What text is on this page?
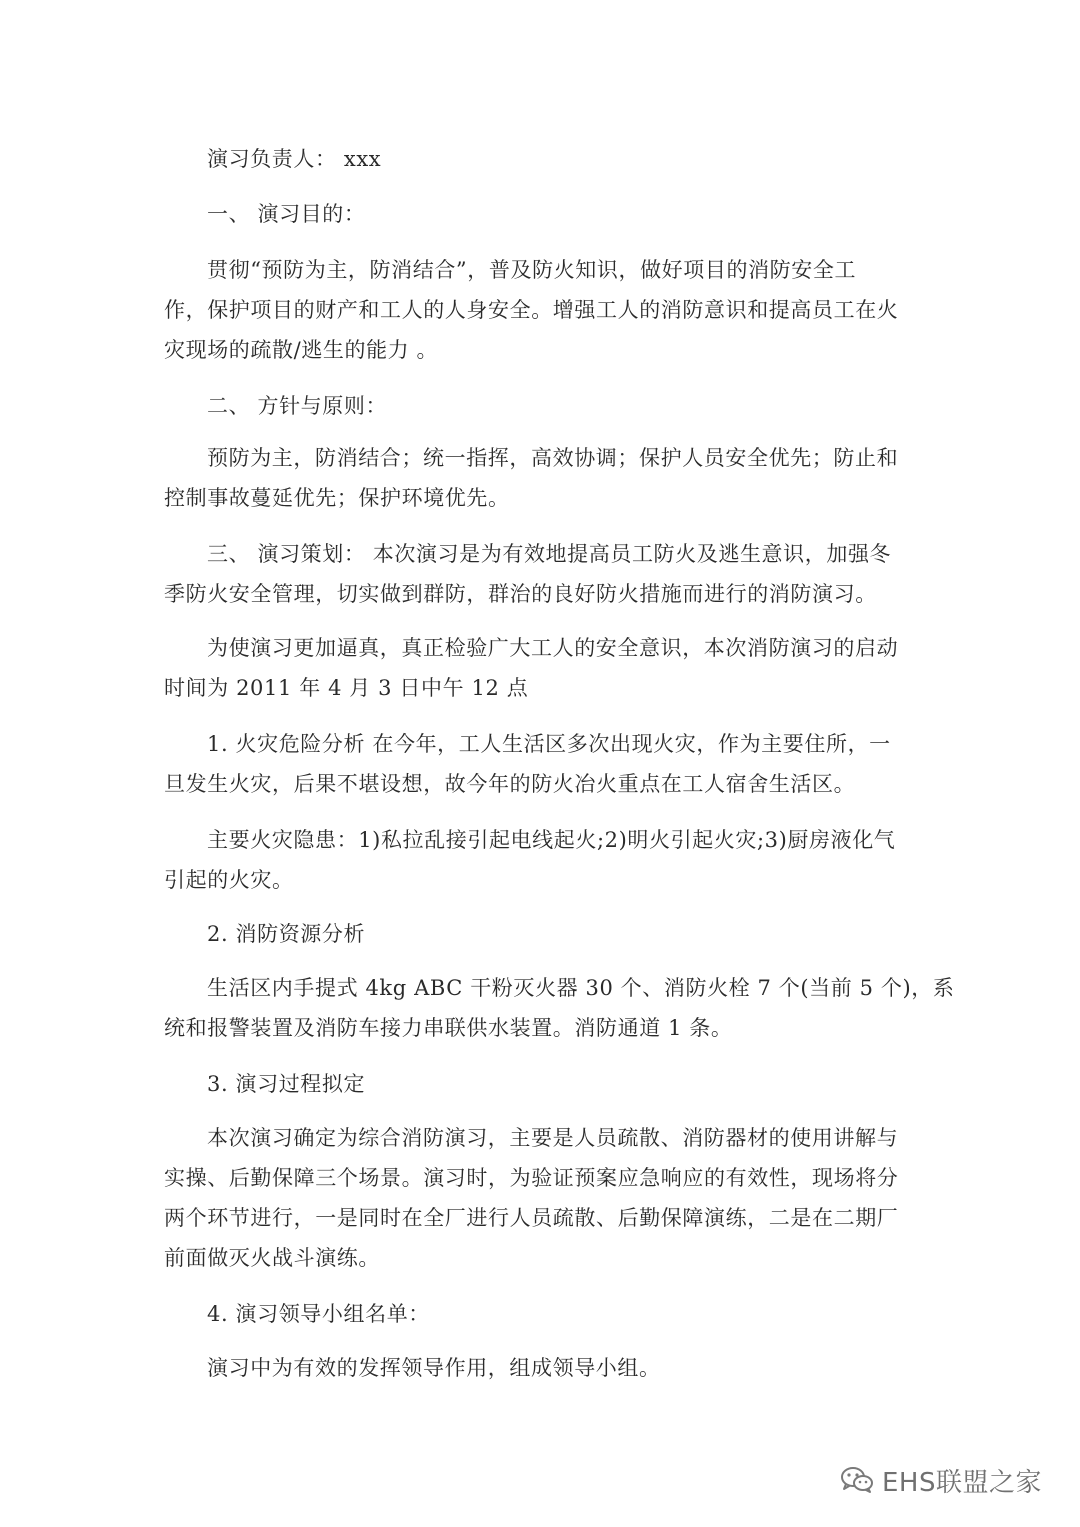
演习负责人： xxx
一、 演习目的：
贯彻“预防为主，防消结合”，普及防火知识，做好项目的消防安全工
作，保护项目的财产和工人的人身安全。增强工人的消防意识和提高员工在火
灾现场的疏散/逃生的能力 。
二、 方针与原则：
预防为主，防消结合；统一指挥，高效协调；保护人员安全优先；防止和
控制事故蔓延优先；保护环境优先。
三、 演习策划： 本次演习是为有效地提高员工防火及逃生意识，加强冬
季防火安全管理，切实做到群防，群治的良好防火措施而进行的消防演习。
为使演习更加逼真，真正检验广大工人的安全意识，本次消防演习的启动
时间为 2011 年 4 月 3 日中午 12 点
1. 火灾危险分析 在今年，工人生活区多次出现火灾，作为主要住所，一
旦发生火灾，后果不堪设想，故今年的防火冶火重点在工人宿舍生活区。
主要火灾隐患：1)私拉乱接引起电线起火;2)明火引起火灾;3)厨房液化气
引起的火灾。
2. 消防资源分析
生活区内手提式 4kg ABC 干粉灭火器 30 个、消防火栓 7 个(当前 5 个)，系
统和报警装置及消防车接力串联供水装置。消防通道 1 条。
3. 演习过程拟定
本次演习确定为综合消防演习，主要是人员疏散、消防器材的使用讲解与
实操、后勤保障三个场景。演习时，为验证预案应急响应的有效性，现场将分
两个环节进行，一是同时在全厂进行人员疏散、后勤保障演练，二是在二期厂
前面做灭火战斗演练。
4. 演习领导小组名单：
演习中为有效的发挥领导作用，组成领导小组。
EHS联盟之家
